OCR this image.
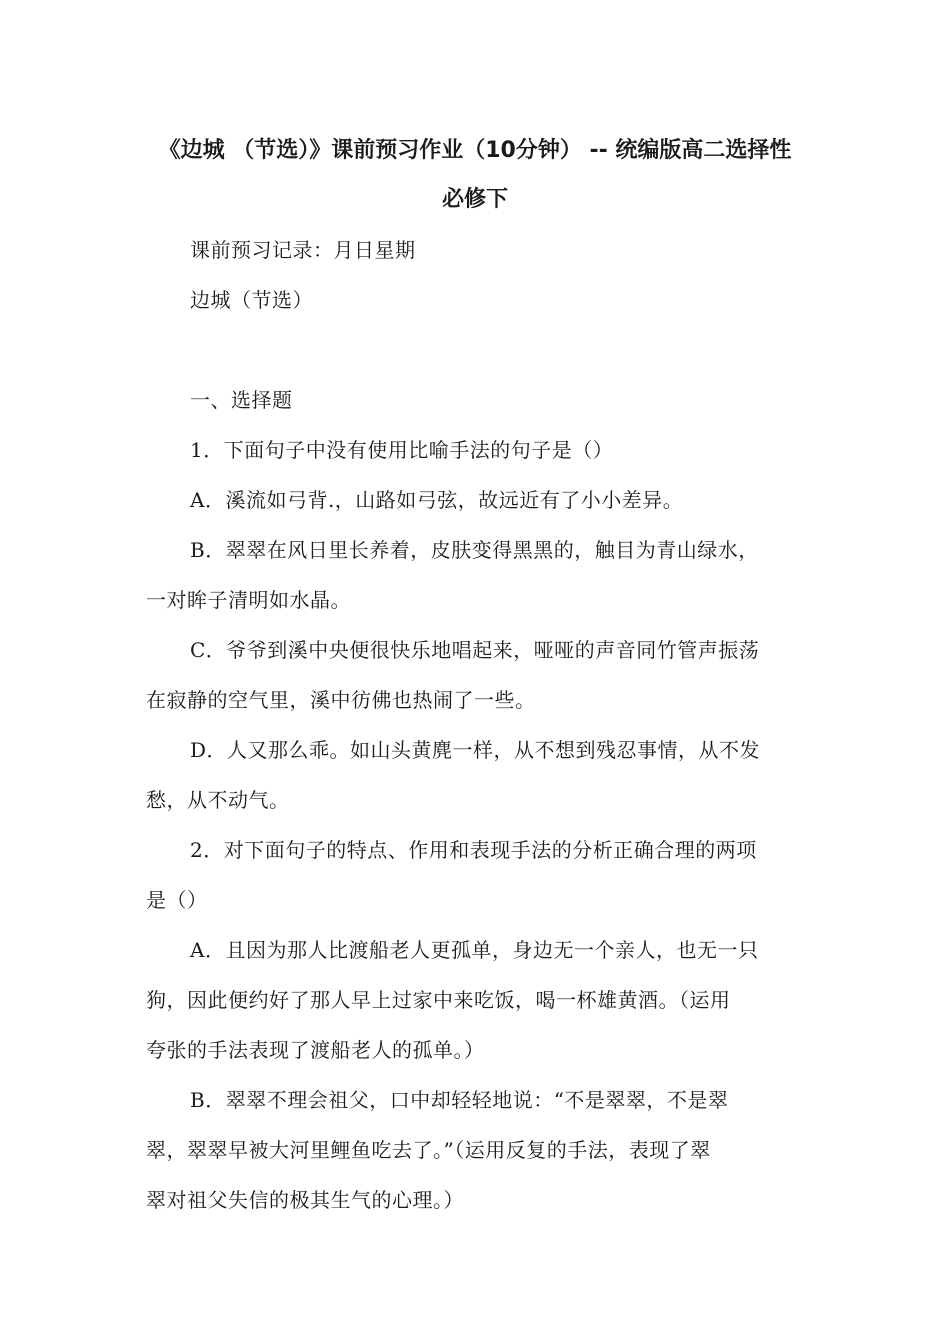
《边城 （节选）》课前预习作业（10分钟） -- 统编版高二选择性
必修下
课前预习记录：月日星期
边城（节选）
一、选择题
1．下面句子中没有使用比喻手法的句子是（）
A．溪流如弓背.，山路如弓弦，故远近有了小小差异。
B．翠翠在风日里长养着，皮肤变得黑黑的，触目为青山绿水，
一对眸子清明如水晶。
C．爷爷到溪中央便很快乐地唱起来，哑哑的声音同竹管声振荡
在寂静的空气里，溪中彷佛也热闹了一些。
D．人又那么乖。如山头黄麂一样，从不想到残忍事情，从不发
愁，从不动气。
2．对下面句子的特点、作用和表现手法的分析正确合理的两项
是（）
A．且因为那人比渡船老人更孤单，身边无一个亲人，也无一只
狗，因此便约好了那人早上过家中来吃饭，喝一杯雄黄酒。（运用
夸张的手法表现了渡船老人的孤单。）
B．翠翠不理会祖父，口中却轻轻地说：“不是翠翠，不是翠
翠，翠翠早被大河里鲤鱼吃去了。”（运用反复的手法，表现了翠
翠对祖父失信的极其生气的心理。）
